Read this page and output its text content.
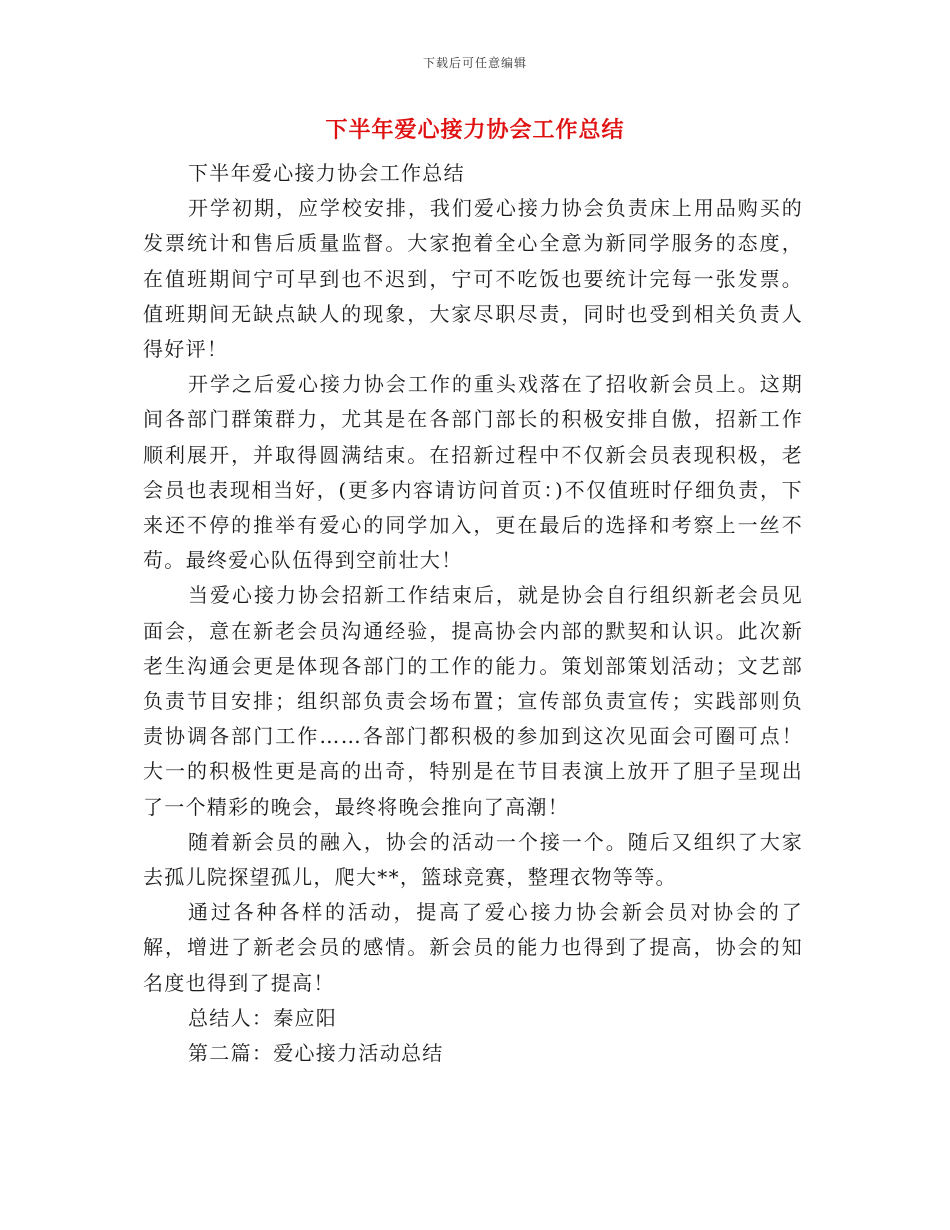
下载后可任意编辑
下半年爱心接力协会工作总结

下半年爱心接力协会工作总结

开学初期，应学校安排，我们爱心接力协会负责床上用品购买的发票统计和售后质量监督。大家抱着全心全意为新同学服务的态度，在值班期间宁可早到也不迟到，宁可不吃饭也要统计完每一张发票。值班期间无缺点缺人的现象，大家尽职尽责，同时也受到相关负责人得好评！

开学之后爱心接力协会工作的重头戏落在了招收新会员上。这期间各部门群策群力，尤其是在各部门部长的积极安排自傲，招新工作顺利展开，并取得圆满结束。在招新过程中不仅新会员表现积极，老会员也表现相当好，(更多内容请访问首页：)不仅值班时仔细负责，下来还不停的推举有爱心的同学加入，更在最后的选择和考察上一丝不苟。最终爱心队伍得到空前壮大！

当爱心接力协会招新工作结束后，就是协会自行组织新老会员见面会，意在新老会员沟通经验，提高协会内部的默契和认识。此次新老生沟通会更是体现各部门的工作的能力。策划部策划活动；文艺部负责节目安排；组织部负责会场布置；宣传部负责宣传；实践部则负责协调各部门工作……各部门都积极的参加到这次见面会可圈可点！大一的积极性更是高的出奇，特别是在节目表演上放开了胆子呈现出了一个精彩的晚会，最终将晚会推向了高潮！

随着新会员的融入，协会的活动一个接一个。随后又组织了大家去孤儿院探望孤儿，爬大**，篮球竞赛，整理衣物等等。

通过各种各样的活动，提高了爱心接力协会新会员对协会的了解，增进了新老会员的感情。新会员的能力也得到了提高，协会的知名度也得到了提高！

总结人：秦应阳

第二篇：爱心接力活动总结
